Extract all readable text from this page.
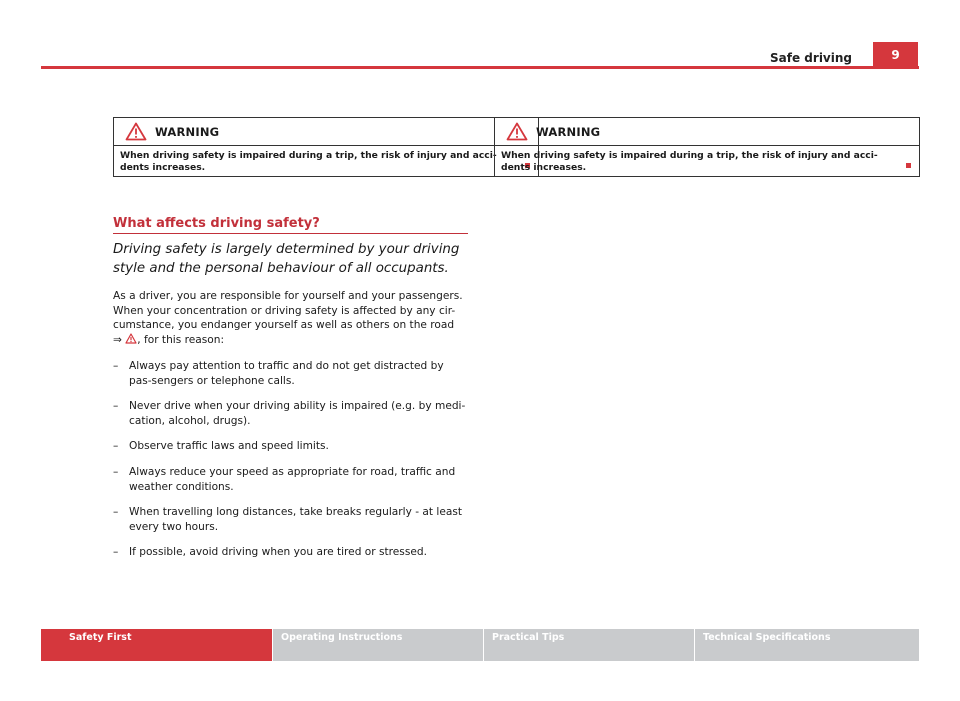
Safe driving	9
WARNING
When driving safety is impaired during a trip, the risk of injury and acci-dents increases.
WARNING
When driving safety is impaired during a trip, the risk of injury and acci-dents increases.
What affects driving safety?
Driving safety is largely determined by your driving style and the personal behaviour of all occupants.
As a driver, you are responsible for yourself and your passengers. When your concentration or driving safety is affected by any cir-cumstance, you endanger yourself as well as others on the road
⇒ , for this reason:
– Always pay attention to traffic and do not get distracted by pas-sengers or telephone calls.
– Never drive when your driving ability is impaired (e.g. by medi-cation, alcohol, drugs).
– Observe traffic laws and speed limits.
– Always reduce your speed as appropriate for road, traffic and weather conditions.
– When travelling long distances, take breaks regularly - at least every two hours.
– If possible, avoid driving when you are tired or stressed.
Safety First	Operating Instructions	Practical Tips	Technical Specifications
